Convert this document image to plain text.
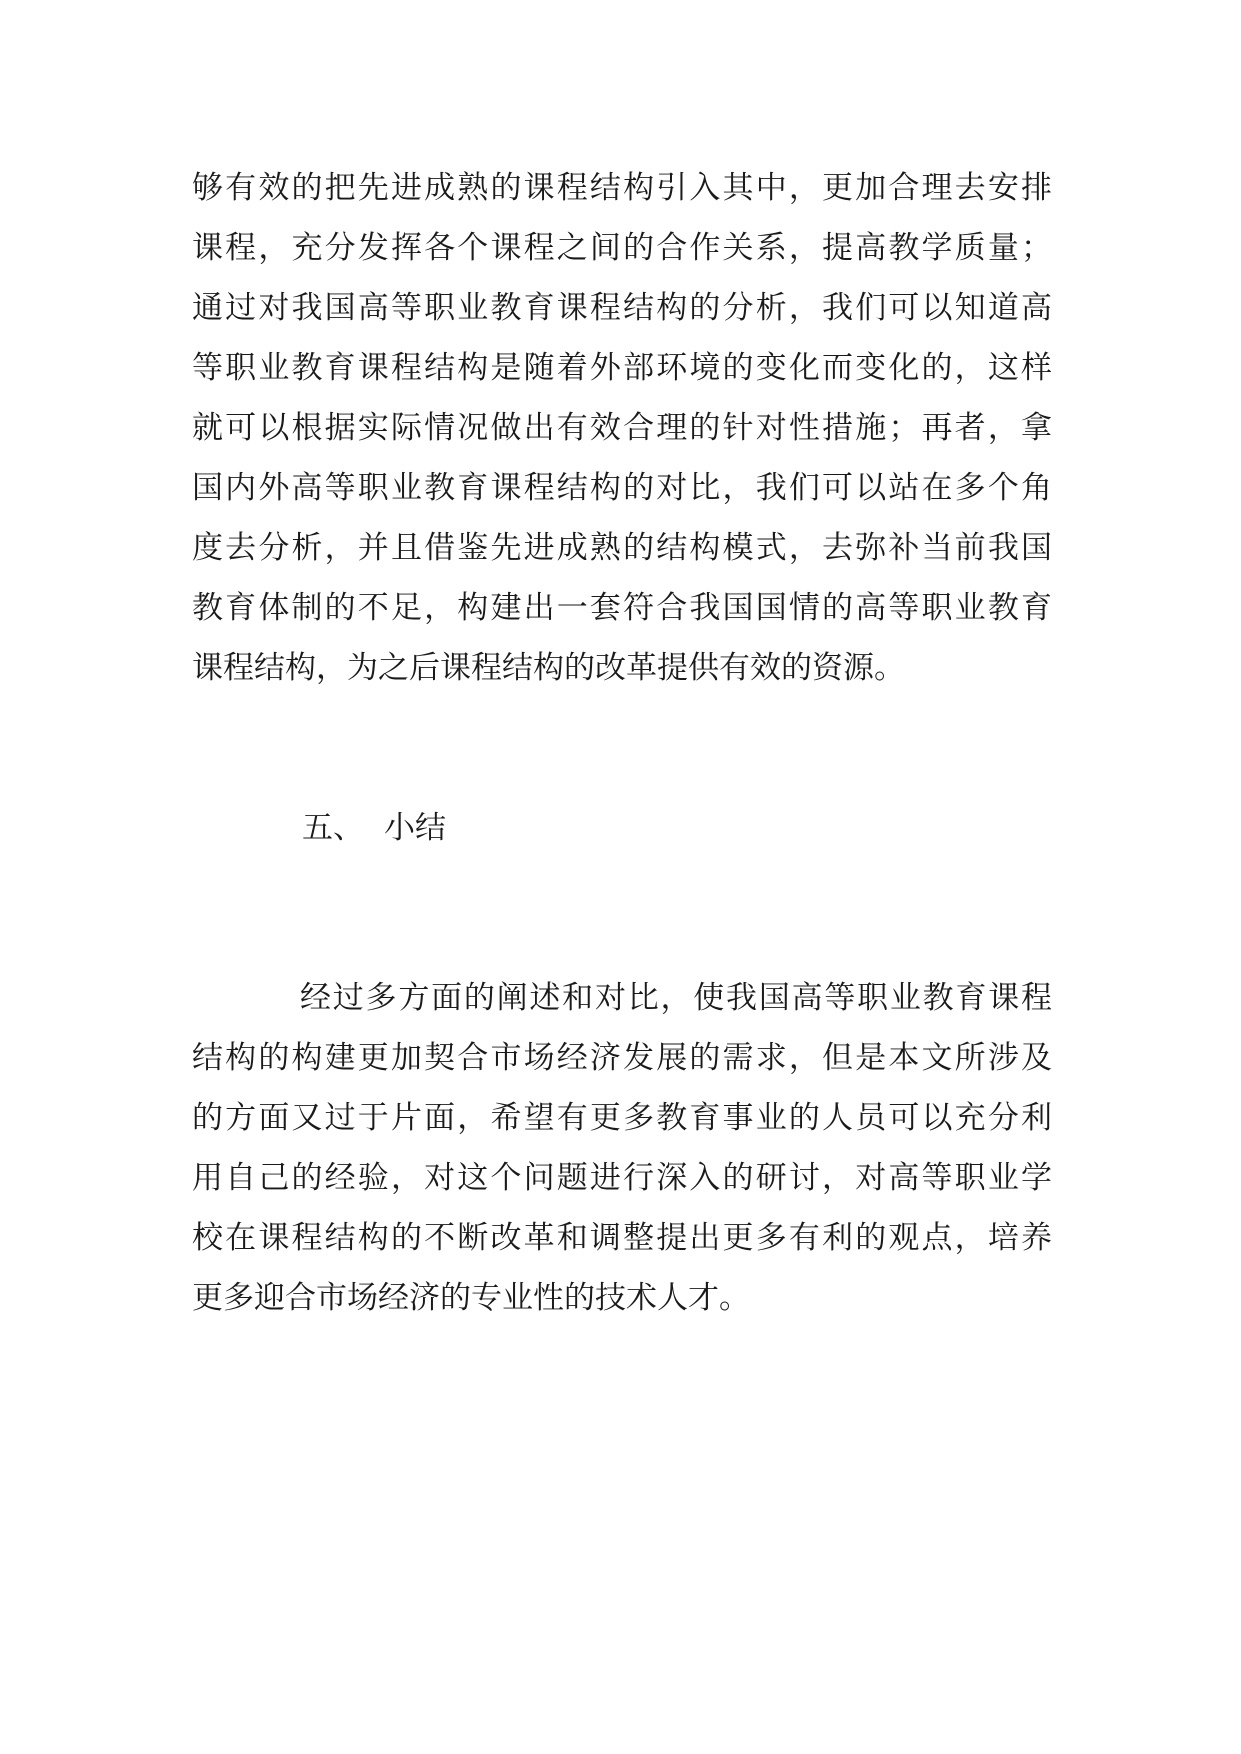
够有效的把先进成熟的课程结构引入其中，更加合理去安排
课程，充分发挥各个课程之间的合作关系，提高教学质量；
通过对我国高等职业教育课程结构的分析，我们可以知道高
等职业教育课程结构是随着外部环境的变化而变化的，这样
就可以根据实际情况做出有效合理的针对性措施；再者，拿
国内外高等职业教育课程结构的对比，我们可以站在多个角
度去分析，并且借鉴先进成熟的结构模式，去弥补当前我国
教育体制的不足，构建出一套符合我国国情的高等职业教育
课程结构，为之后课程结构的改革提供有效的资源。
五、 小结
经过多方面的阐述和对比，使我国高等职业教育课程
结构的构建更加契合市场经济发展的需求，但是本文所涉及
的方面又过于片面，希望有更多教育事业的人员可以充分利
用自己的经验，对这个问题进行深入的研讨，对高等职业学
校在课程结构的不断改革和调整提出更多有利的观点，培养
更多迎合市场经济的专业性的技术人才。
